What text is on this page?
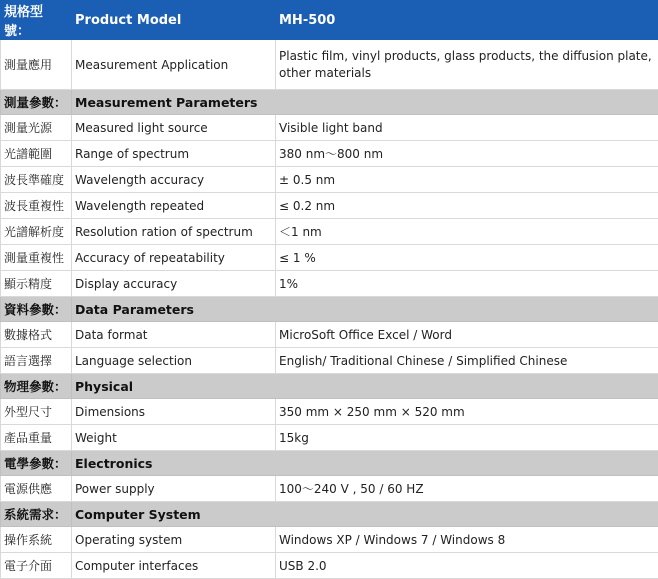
規格型號：	Product Model	MH-500
測量應用	Measurement Application	Plastic film, vinyl products, glass products, the diffusion plate, other materials
測量參數：	Measurement Parameters	
測量光源	Measured light source	Visible light band
光譜範圍	Range of spectrum	380 nm～800 nm
波長準確度	Wavelength accuracy	± 0.5 nm
波長重複性	Wavelength repeated	≤ 0.2 nm
光譜解析度	Resolution ration of spectrum	＜1 nm
測量重複性	Accuracy of repeatability	≤ 1 %
顯示精度	Display accuracy	1%
資料參數：	Data Parameters	
數據格式	Data format	MicroSoft Office Excel / Word
語言選擇	Language selection	English/ Traditional Chinese / Simplified Chinese
物理參數：	Physical	
外型尺寸	Dimensions	350 mm × 250 mm × 520 mm
產品重量	Weight	15kg
電學參數：	Electronics	
電源供應	Power supply	100～240 V , 50 / 60 HZ
系統需求：	Computer System	
操作系統	Operating system	Windows XP / Windows 7 / Windows 8
電子介面	Computer interfaces	USB 2.0
